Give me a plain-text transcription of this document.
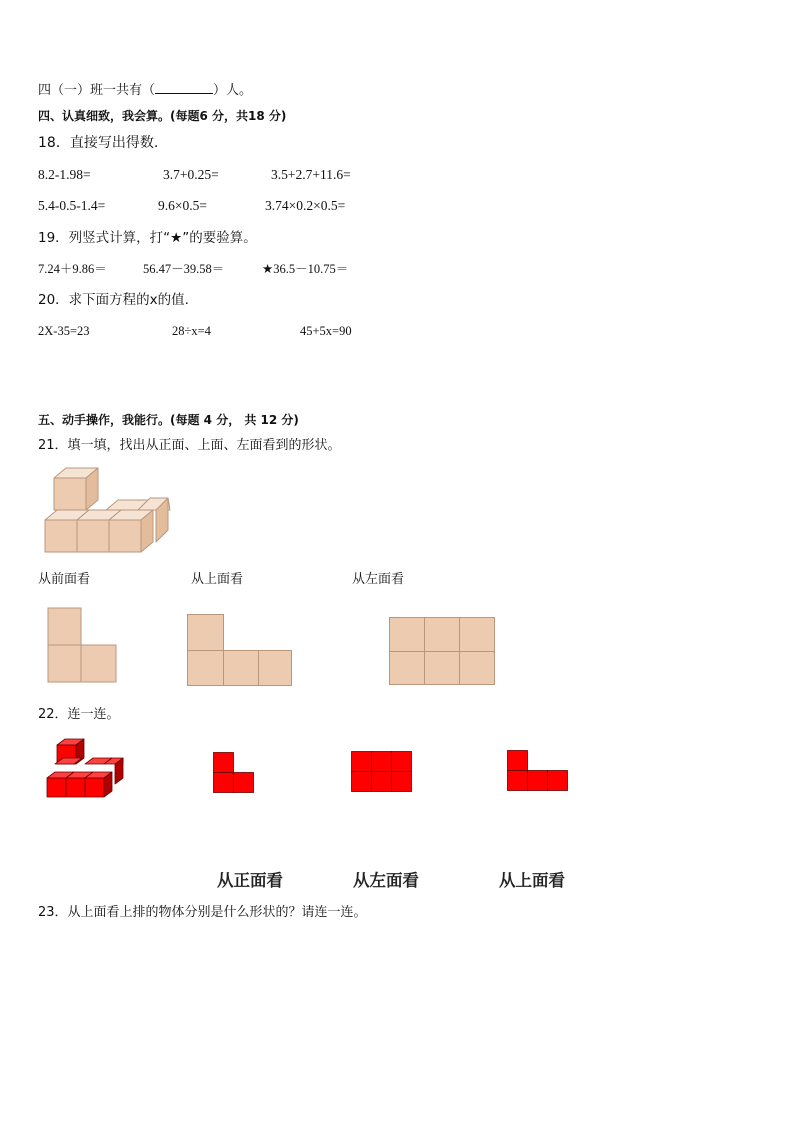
四（一）班一共有（	）人。
四、认真细致，我会算。(每题6 分，共18 分)
18．直接写出得数.
8.2-1.98=	3.7+0.25=	3.5+2.7+11.6=
5.4-0.5-1.4=	9.6×0.5=	3.74×0.2×0.5=
19．列竖式计算，打“★”的要验算。
7.24＋9.86＝	56.47－39.58＝	★36.5－10.75＝
20．求下面方程的x的值.
2X-35=23	28÷x=4	45+5x=90
五、动手操作，我能行。(每题 4 分， 共 12 分)
21．填一填，找出从正面、上面、左面看到的形状。
从前面看	从上面看	从左面看
22．连一连。
从正面看	从左面看	从上面看
23．从上面看上排的物体分别是什么形状的？请连一连。
